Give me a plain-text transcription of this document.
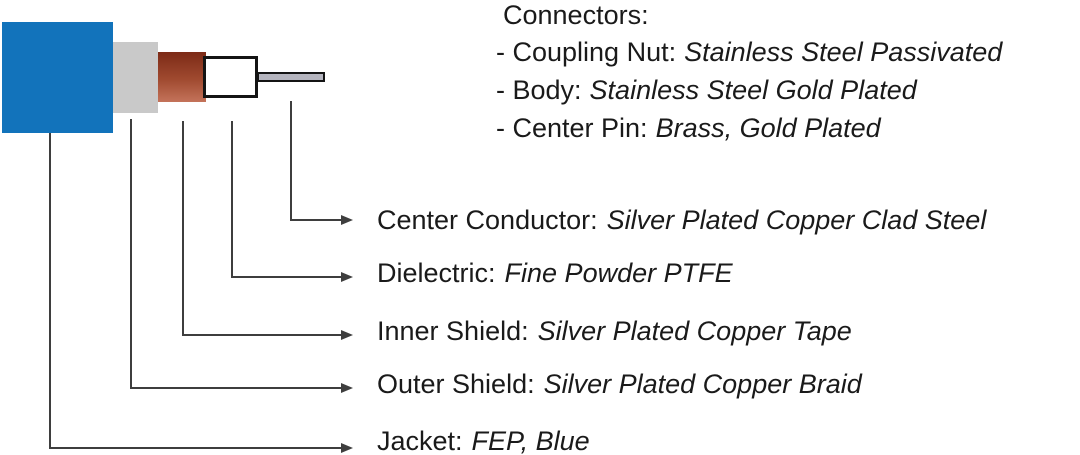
Center Conductor: Silver Plated Copper Clad Steel
Dielectric: Fine Powder PTFE
Inner Shield: Silver Plated Copper Tape
Outer Shield: Silver Plated Copper Braid
Jacket: FEP, Blue
Connectors:
- Coupling Nut: Stainless Steel Passivated
- Body: Stainless Steel Gold Plated
- Center Pin: Brass, Gold Plated
